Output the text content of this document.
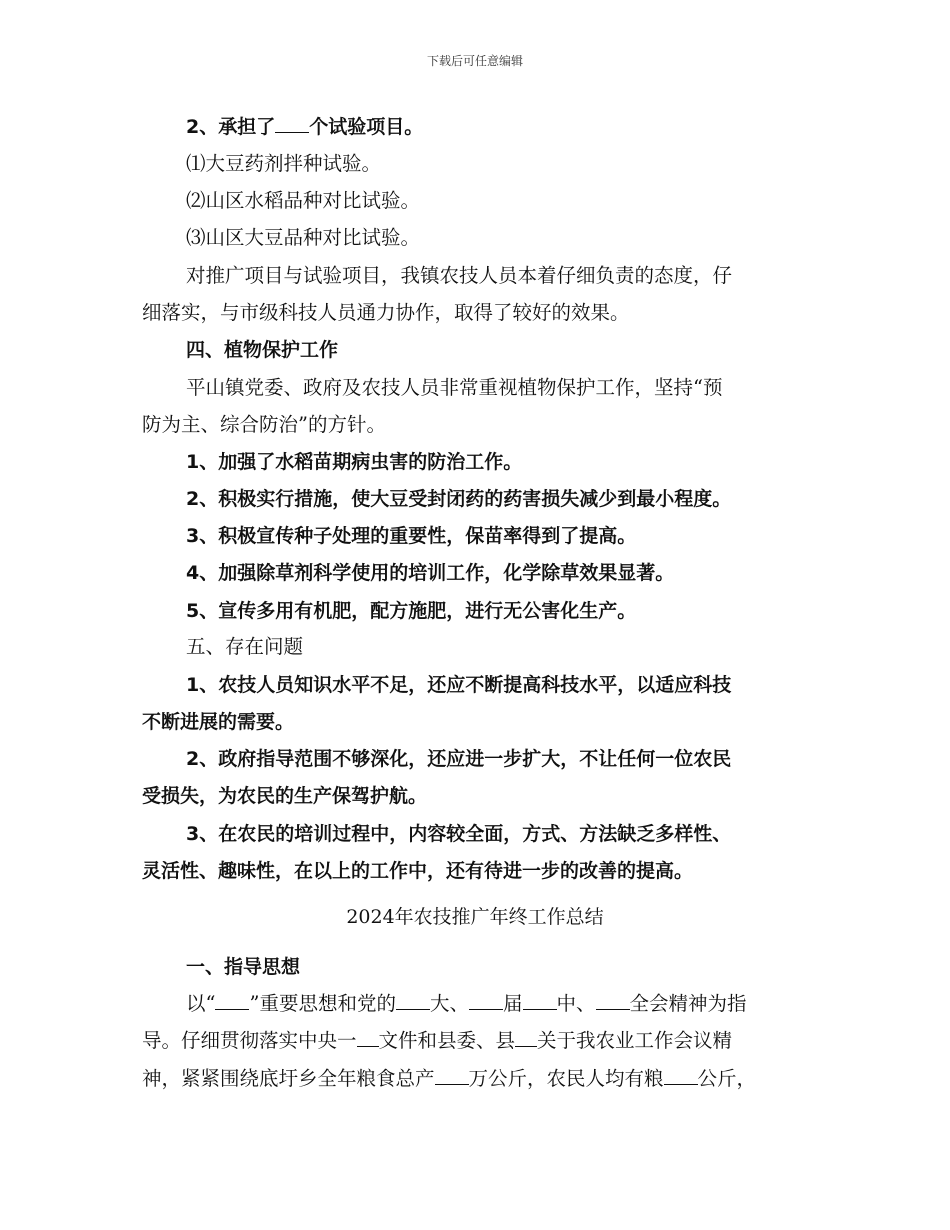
下载后可任意编辑
2、承担了 个试验项目。
⑴大豆药剂拌种试验。
⑵山区水稻品种对比试验。
⑶山区大豆品种对比试验。
对推广项目与试验项目，我镇农技人员本着仔细负责的态度，仔
细落实，与市级科技人员通力协作，取得了较好的效果。
四、植物保护工作
平山镇党委、政府及农技人员非常重视植物保护工作，坚持“预
防为主、综合防治”的方针。
1、加强了水稻苗期病虫害的防治工作。
2、积极实行措施，使大豆受封闭药的药害损失减少到最小程度。
3、积极宣传种子处理的重要性，保苗率得到了提高。
4、加强除草剂科学使用的培训工作，化学除草效果显著。
5、宣传多用有机肥，配方施肥，进行无公害化生产。
五、存在问题
1、农技人员知识水平不足，还应不断提高科技水平，以适应科技
不断进展的需要。
2、政府指导范围不够深化，还应进一步扩大，不让任何一位农民
受损失，为农民的生产保驾护航。
3、在农民的培训过程中，内容较全面，方式、方法缺乏多样性、
灵活性、趣味性，在以上的工作中，还有待进一步的改善的提高。
2024年农技推广年终工作总结
一、指导思想
以“ ”重要思想和党的 大、 届 中、 全会精神为指
导。仔细贯彻落实中央一 文件和县委、县 关于我农业工作会议精
神，紧紧围绕底圩乡全年粮食总产 万公斤，农民人均有粮 公斤，
